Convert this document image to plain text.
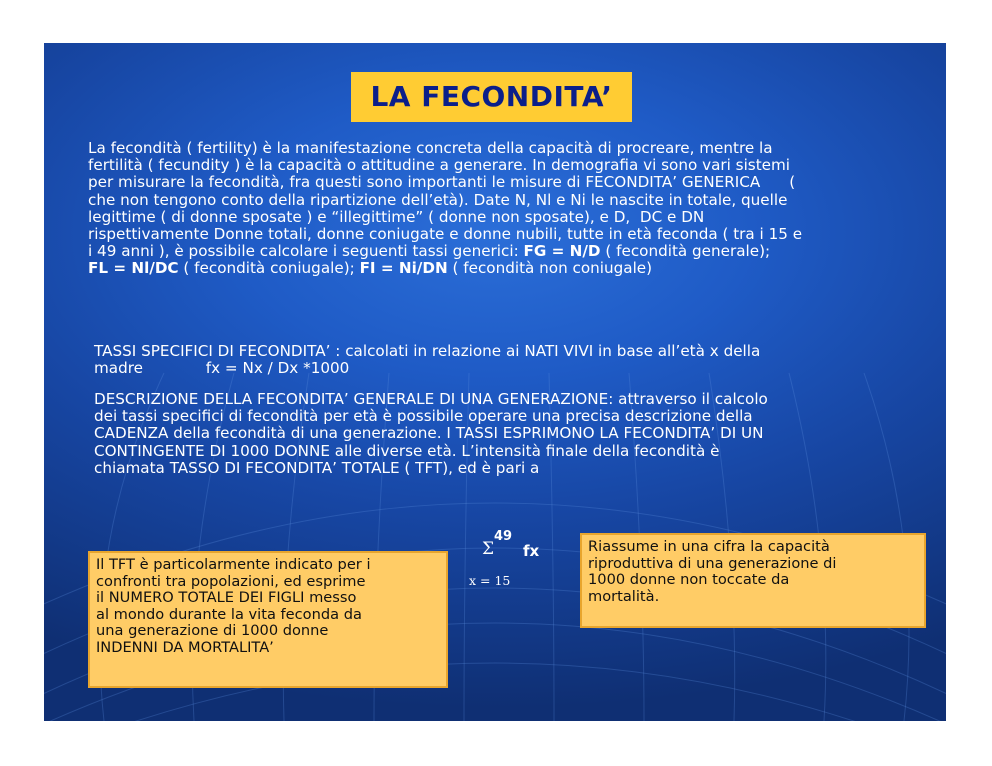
LA FECONDITA’
La fecondità ( fertility) è la manifestazione concreta della capacità di procreare, mentre la
fertilità ( fecundity ) è la capacità o attitudine a generare. In demografia vi sono vari sistemi
per misurare la fecondità, fra questi sono importanti le misure di FECONDITA’ GENERICA      (
che non tengono conto della ripartizione dell’età). Date N, Nl e Ni le nascite in totale, quelle
legittime ( di donne sposate ) e “illegittime” ( donne non sposate), e D,  DC e DN
rispettivamente Donne totali, donne coniugate e donne nubili, tutte in età feconda ( tra i 15 e
i 49 anni ), è possibile calcolare i seguenti tassi generici: FG = N/D ( fecondità generale);
FL = Nl/DC ( fecondità coniugale); FI = Ni/DN ( fecondità non coniugale)
TASSI SPECIFICI DI FECONDITA’ : calcolati in relazione ai NATI VIVI in base all’età x della
madre             fx = Nx / Dx *1000
DESCRIZIONE DELLA FECONDITA’ GENERALE DI UNA GENERAZIONE: attraverso il calcolo
dei tassi specifici di fecondità per età è possibile operare una precisa descrizione della
CADENZA della fecondità di una generazione. I TASSI ESPRIMONO LA FECONDITA’ DI UN
CONTINGENTE DI 1000 DONNE alle diverse età. L’intensità finale della fecondità è
chiamata TASSO DI FECONDITA’ TOTALE ( TFT), ed è pari a
Σ
49
fx
x = 15
Il TFT è particolarmente indicato per i
confronti tra popolazioni, ed esprime
il NUMERO TOTALE DEI FIGLI messo
al mondo durante la vita feconda da
una generazione di 1000 donne
INDENNI DA MORTALITA’
Riassume in una cifra la capacità
riproduttiva di una generazione di
1000 donne non toccate da
mortalità.
